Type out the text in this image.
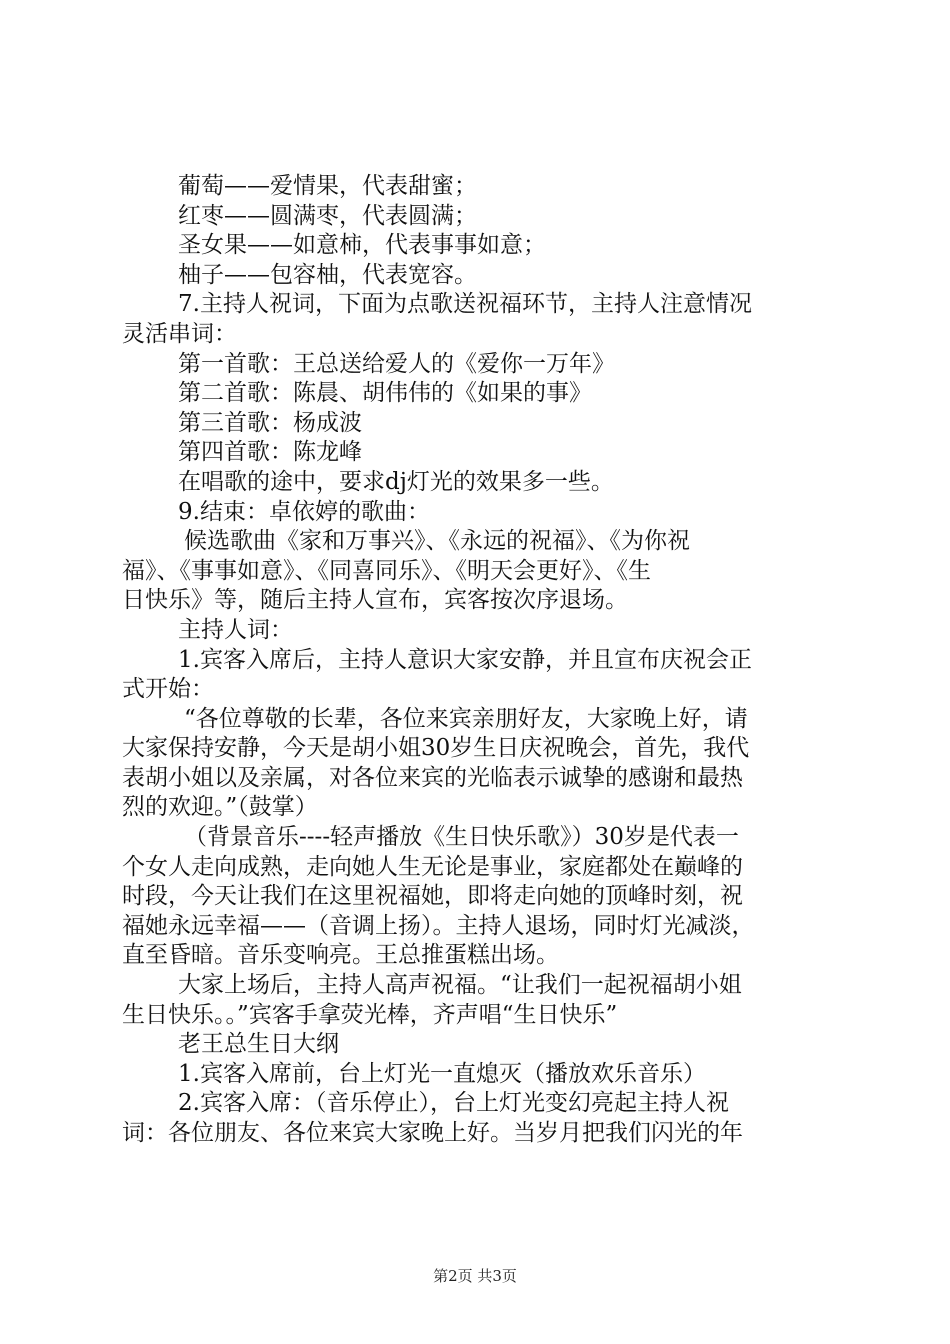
葡萄——爱情果，代表甜蜜；
红枣——圆满枣，代表圆满；
圣女果——如意柿，代表事事如意；
柚子——包容柚，代表宽容。
7.主持人祝词，下面为点歌送祝福环节，主持人注意情况
灵活串词：
第一首歌：王总送给爱人的《爱你一万年》
第二首歌：陈晨、胡伟伟的《如果的事》
第三首歌：杨成波
第四首歌：陈龙峰
在唱歌的途中，要求dj灯光的效果多一些。
9.结束：卓依婷的歌曲：
候选歌曲《家和万事兴》、《永远的祝福》、《为你祝
福》、《事事如意》、《同喜同乐》、《明天会更好》、《生
日快乐》等，随后主持人宣布，宾客按次序退场。
主持人词：
1.宾客入席后，主持人意识大家安静，并且宣布庆祝会正
式开始：
“各位尊敬的长辈，各位来宾亲朋好友，大家晚上好，请
大家保持安静，今天是胡小姐30岁生日庆祝晚会，首先，我代
表胡小姐以及亲属，对各位来宾的光临表示诚挚的感谢和最热
烈的欢迎。”（鼓掌）
（背景音乐----轻声播放《生日快乐歌》）30岁是代表一
个女人走向成熟，走向她人生无论是事业，家庭都处在巅峰的
时段，今天让我们在这里祝福她，即将走向她的顶峰时刻，祝
福她永远幸福——（音调上扬）。主持人退场，同时灯光减淡，
直至昏暗。音乐变响亮。王总推蛋糕出场。
大家上场后，主持人高声祝福。“让我们一起祝福胡小姐
生日快乐。。”宾客手拿荧光棒，齐声唱“生日快乐”
老王总生日大纲
1.宾客入席前，台上灯光一直熄灭（播放欢乐音乐）
2.宾客入席：（音乐停止），台上灯光变幻亮起主持人祝
词：各位朋友、各位来宾大家晚上好。当岁月把我们闪光的年
第2页 共3页
